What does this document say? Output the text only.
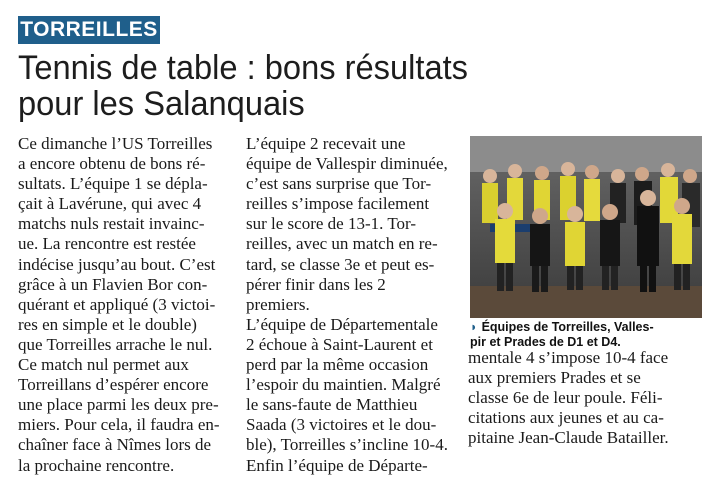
TORREILLES
Tennis de table : bons résultats
pour les Salanquais
Ce dimanche l’US Torreilles
a encore obtenu de bons ré-
sultats. L’équipe 1 se dépla-
çait à Lavérune, qui avec 4
matchs nuls restait invainc-
ue. La rencontre est restée
indécise jusqu’au bout. C’est
grâce à un Flavien Bor con-
quérant et appliqué (3 victoi-
res en simple et le double)
que Torreilles arrache le nul.
Ce match nul permet aux
Torreillans d’espérer encore
une place parmi les deux pre-
miers. Pour cela, il faudra en-
chaîner face à Nîmes lors de
la prochaine rencontre.
L’équipe 2 recevait une
équipe de Vallespir diminuée,
c’est sans surprise que Tor-
reilles s’impose facilement
sur le score de 13-1. Tor-
reilles, avec un match en re-
tard, se classe 3e et peut es-
pérer finir dans les 2
premiers.
L’équipe de Départementale
2 échoue à Saint-Laurent et
perd par la même occasion
l’espoir du maintien. Malgré
le sans-faute de Matthieu
Saada (3 victoires et le dou-
ble), Torreilles s’incline 10-4.
Enfin l’équipe de Départe-
◗ Équipes de Torreilles, Valles-
pir et Prades de D1 et D4.
mentale 4 s’impose 10-4 face
aux premiers Prades et se
classe 6e de leur poule. Féli-
citations aux jeunes et au ca-
pitaine Jean-Claude Batailler.
